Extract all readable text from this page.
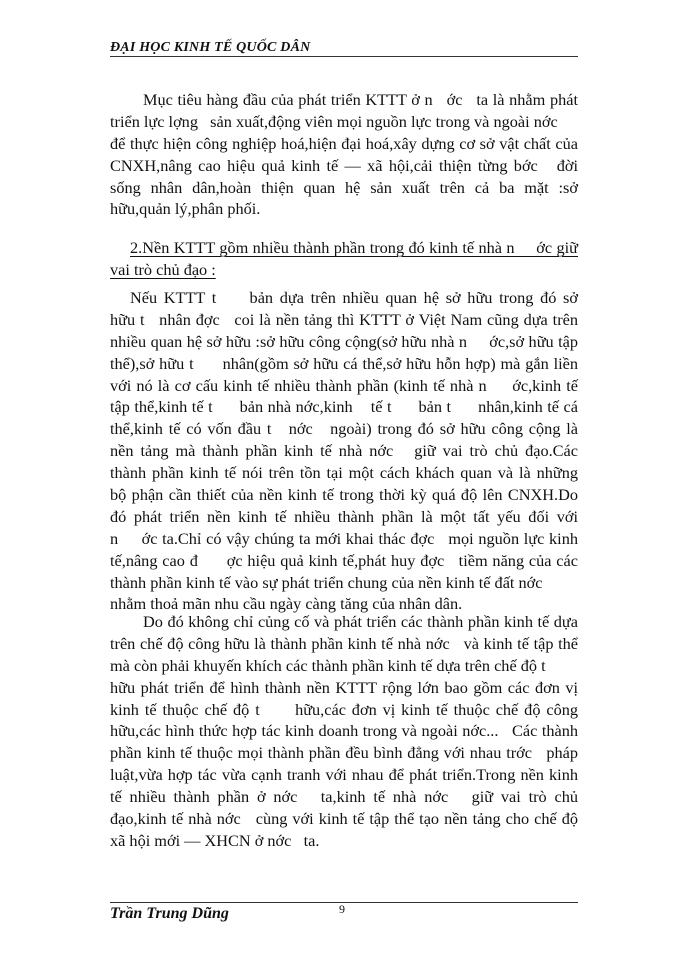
ĐẠI HỌC KINH TẾ QUỐC DÂN
Mục tiêu hàng đầu của phát triển KTTT ở n   ớc   ta là nhằm phát
triển lực lợng   sản xuất,động viên mọi nguồn lực trong và ngoài nớc
để thực hiện công nghiệp hoá,hiện đại hoá,xây dựng cơ sở vật chất của
CNXH,nâng cao hiệu quả kinh tế — xã hội,cải thiện từng bớc   đời
sống nhân dân,hoàn thiện quan hệ sản xuất trên cả ba mặt :sở
hữu,quản lý,phân phối.
2.Nền KTTT gồm nhiều thành phần trong đó kinh tế nhà n     ớc giữ
vai trò chủ đạo :
Nếu KTTT t     bản dựa trên nhiều quan hệ sở hữu trong đó sở
hữu t   nhân đợc   coi là nền tảng thì KTTT ở Việt Nam cũng dựa trên
nhiều quan hệ sở hữu :sở hữu công cộng(sở hữu nhà n     ớc,sở hữu tập
thể),sở hữu t      nhân(gồm sở hữu cá thể,sở hữu hỗn hợp) mà gắn liền
với nó là cơ cấu kinh tế nhiều thành phần (kinh tế nhà n     ớc,kinh tế
tập thể,kinh tế t      bản nhà nớc,kinh    tế t      bản t      nhân,kinh tế cá
thể,kinh tế có vốn đầu t   nớc   ngoài) trong đó sở hữu công cộng là
nền tảng mà thành phần kinh tế nhà nớc   giữ vai trò chủ đạo.Các
thành phần kinh tế nói trên tồn tại một cách khách quan và là những
bộ phận cần thiết của nền kinh tế trong thời kỳ quá độ lên CNXH.Do
đó phát triển nền kinh tế nhiều thành phần là một tất yếu đối với
n     ớc ta.Chỉ có vậy chúng ta mới khai thác đợc   mọi nguồn lực kinh
tế,nâng cao đ      ợc hiệu quả kinh tế,phát huy đợc   tiềm năng của các
thành phần kinh tế vào sự phát triển chung của nền kinh tế đất nớc
nhằm thoả mãn nhu cầu ngày càng tăng của nhân dân.
Do đó không chỉ củng cố và phát triển các thành phần kinh tế dựa
trên chế độ công hữu là thành phần kinh tế nhà nớc   và kinh tế tập thể
mà còn phải khuyến khích các thành phần kinh tế dựa trên chế độ t
hữu phát triển để hình thành nền KTTT rộng lớn bao gồm các đơn vị
kinh tế thuộc chế độ t      hữu,các đơn vị kinh tế thuộc chế độ công
hữu,các hình thức hợp tác kinh doanh trong và ngoài nớc...   Các thành
phần kinh tế thuộc mọi thành phần đều bình đẳng với nhau trớc   pháp
luật,vừa hợp tác vừa cạnh tranh với nhau để phát triển.Trong nền kinh
tế nhiều thành phần ở nớc   ta,kinh tế nhà nớc   giữ vai trò chủ
đạo,kinh tế nhà nớc   cùng với kinh tế tập thể tạo nền tảng cho chế độ
xã hội mới — XHCN ở nớc   ta.
Trần Trung Dũng	9
